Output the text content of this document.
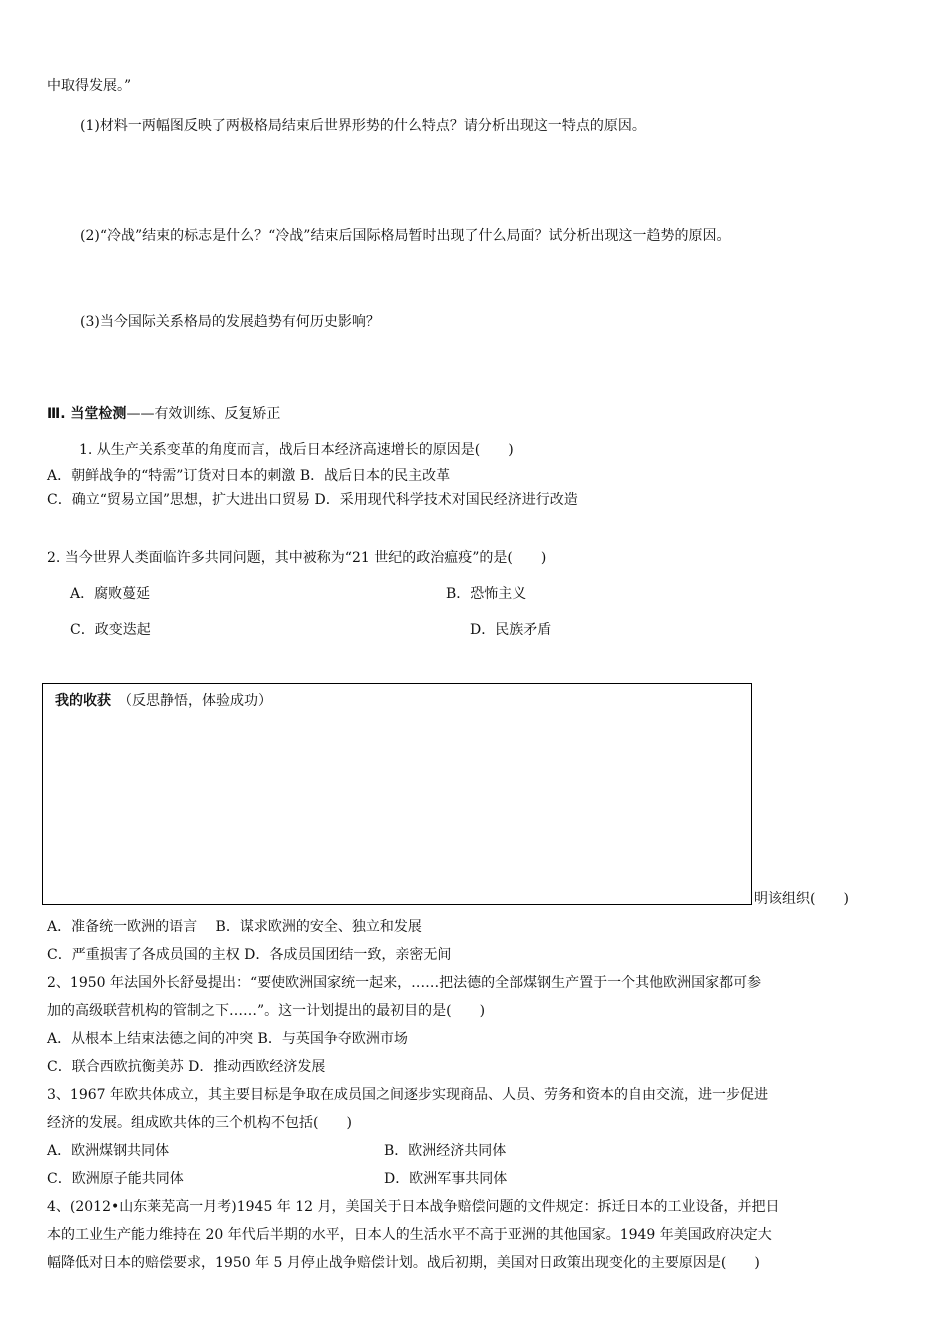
中取得发展。”
(1)材料一两幅图反映了两极格局结束后世界形势的什么特点？请分析出现这一特点的原因。
(2)“冷战”结束的标志是什么？“冷战”结束后国际格局暂时出现了什么局面？试分析出现这一趋势的原因。
(3)当今国际关系格局的发展趋势有何历史影响？
Ⅲ. 当堂检测——有效训练、反复矫正
1. 从生产关系变革的角度而言，战后日本经济高速增长的原因是(　　)
A．朝鲜战争的“特需”订货对日本的刺激 B．战后日本的民主改革
C．确立“贸易立国”思想，扩大进出口贸易 D．采用现代科学技术对国民经济进行改造
2. 当今世界人类面临许多共同问题，其中被称为“21 世纪的政治瘟疫”的是(　　)
A．腐败蔓延	B．恐怖主义
C．政变迭起	D．民族矛盾
我的收获　 （反思静悟，体验成功）
明该组织(　　)
A．准备统一欧洲的语言　 B．谋求欧洲的安全、独立和发展
C．严重损害了各成员国的主权 D．各成员国团结一致，亲密无间
2、1950 年法国外长舒曼提出：“要使欧洲国家统一起来，……把法德的全部煤钢生产置于一个其他欧洲国家都可参
加的高级联营机构的管制之下……”。这一计划提出的最初目的是(　　)
A．从根本上结束法德之间的冲突 B．与英国争夺欧洲市场
C．联合西欧抗衡美苏 D．推动西欧经济发展
3、1967 年欧共体成立，其主要目标是争取在成员国之间逐步实现商品、人员、劳务和资本的自由交流，进一步促进
经济的发展。组成欧共体的三个机构不包括(　　)
A．欧洲煤钢共同体	B．欧洲经济共同体
C．欧洲原子能共同体	D．欧洲军事共同体
4、(2012•山东莱芜高一月考)1945 年 12 月，美国关于日本战争赔偿问题的文件规定：拆迁日本的工业设备，并把日
本的工业生产能力维持在 20 年代后半期的水平，日本人的生活水平不高于亚洲的其他国家。1949 年美国政府决定大
幅降低对日本的赔偿要求，1950 年 5 月停止战争赔偿计划。战后初期，美国对日政策出现变化的主要原因是(　　)
